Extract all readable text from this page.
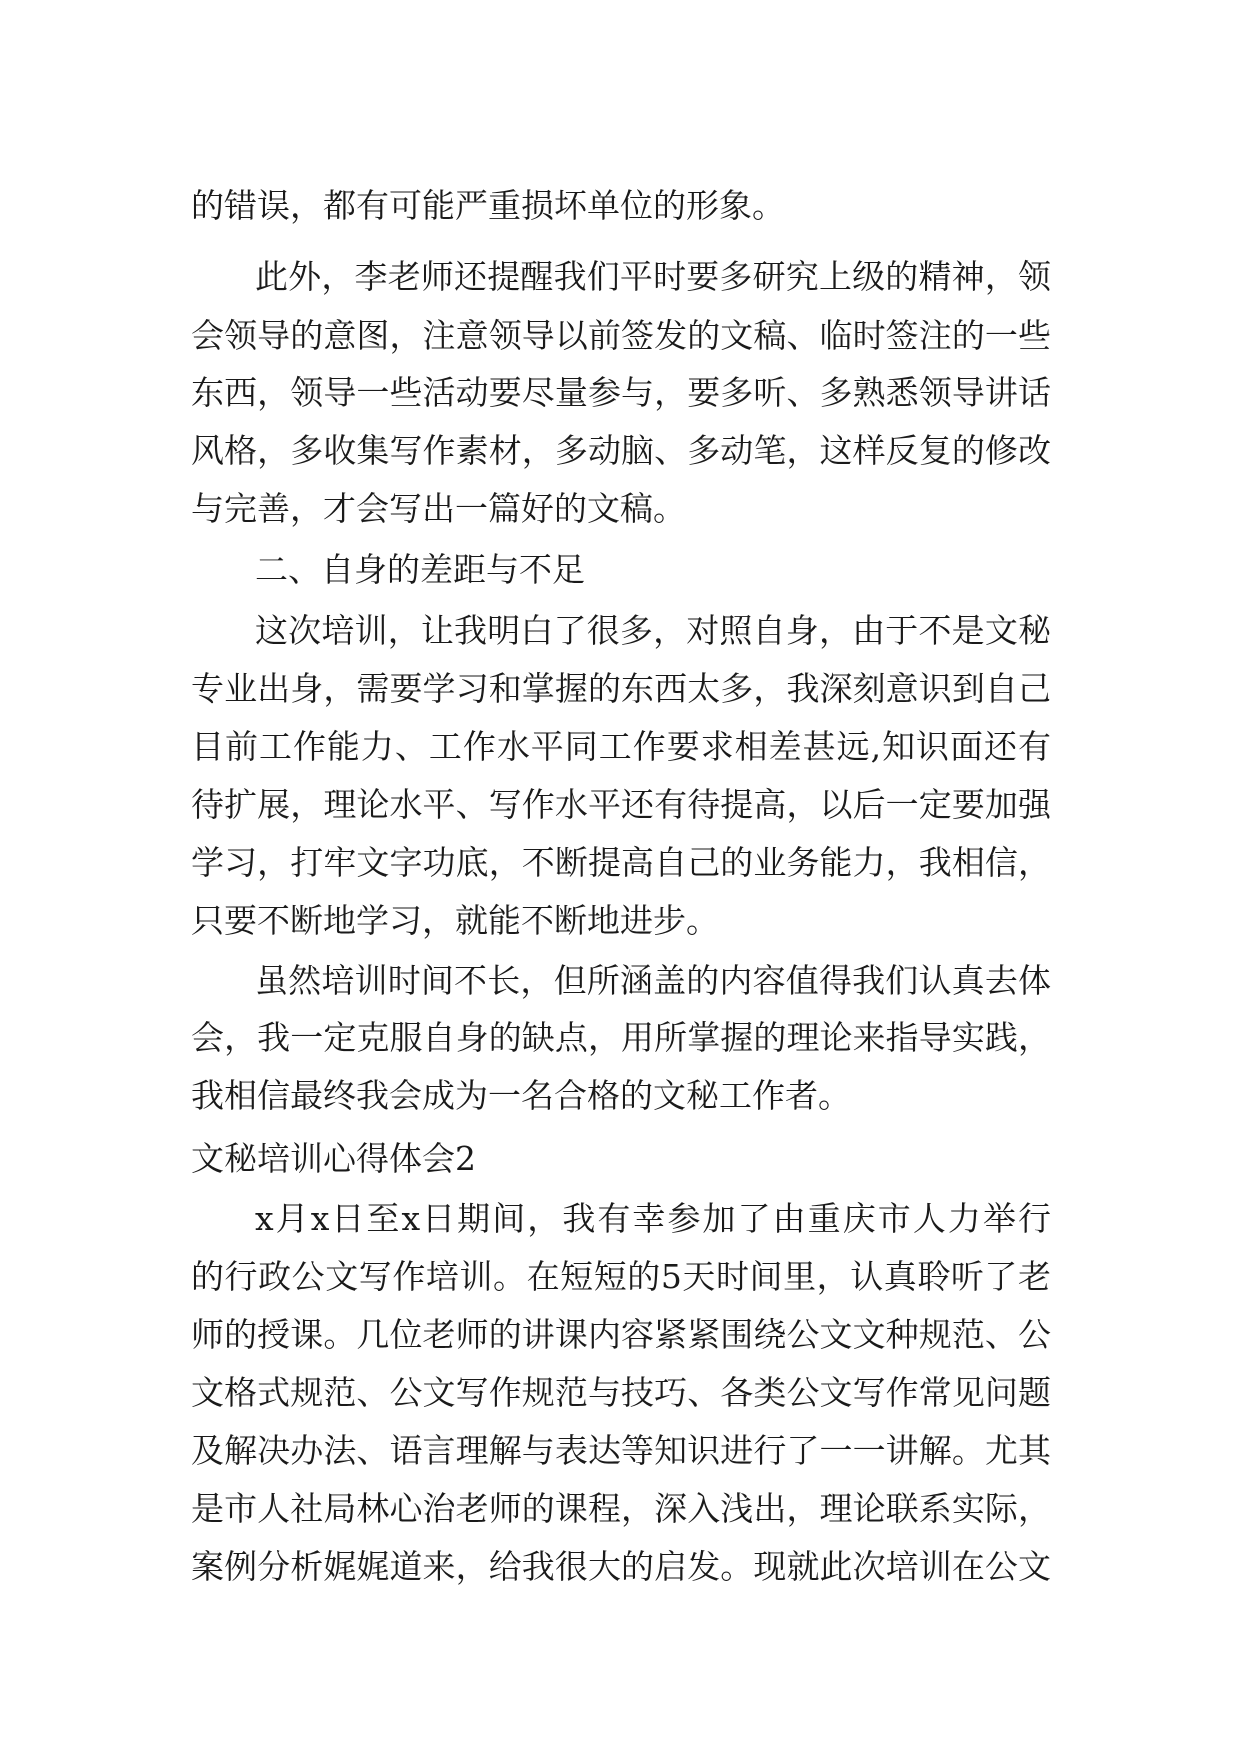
的错误，都有可能严重损坏单位的形象。

此外，李老师还提醒我们平时要多研究上级的精神，领

会领导的意图，注意领导以前签发的文稿、临时签注的一些

东西，领导一些活动要尽量参与，要多听、多熟悉领导讲话

风格，多收集写作素材，多动脑、多动笔，这样反复的修改

与完善，才会写出一篇好的文稿。

二、自身的差距与不足

这次培训，让我明白了很多，对照自身，由于不是文秘

专业出身，需要学习和掌握的东西太多，我深刻意识到自己

目前工作能力、工作水平同工作要求相差甚远,知识面还有

待扩展，理论水平、写作水平还有待提高，以后一定要加强

学习，打牢文字功底，不断提高自己的业务能力，我相信，

只要不断地学习，就能不断地进步。

虽然培训时间不长，但所涵盖的内容值得我们认真去体

会，我一定克服自身的缺点，用所掌握的理论来指导实践，

我相信最终我会成为一名合格的文秘工作者。

文秘培训心得体会2

x月x日至x日期间，我有幸参加了由重庆市人力举行

的行政公文写作培训。在短短的5天时间里，认真聆听了老

师的授课。几位老师的讲课内容紧紧围绕公文文种规范、公

文格式规范、公文写作规范与技巧、各类公文写作常见问题

及解决办法、语言理解与表达等知识进行了一一讲解。尤其

是市人社局林心治老师的课程，深入浅出，理论联系实际，

案例分析娓娓道来，给我很大的启发。现就此次培训在公文
